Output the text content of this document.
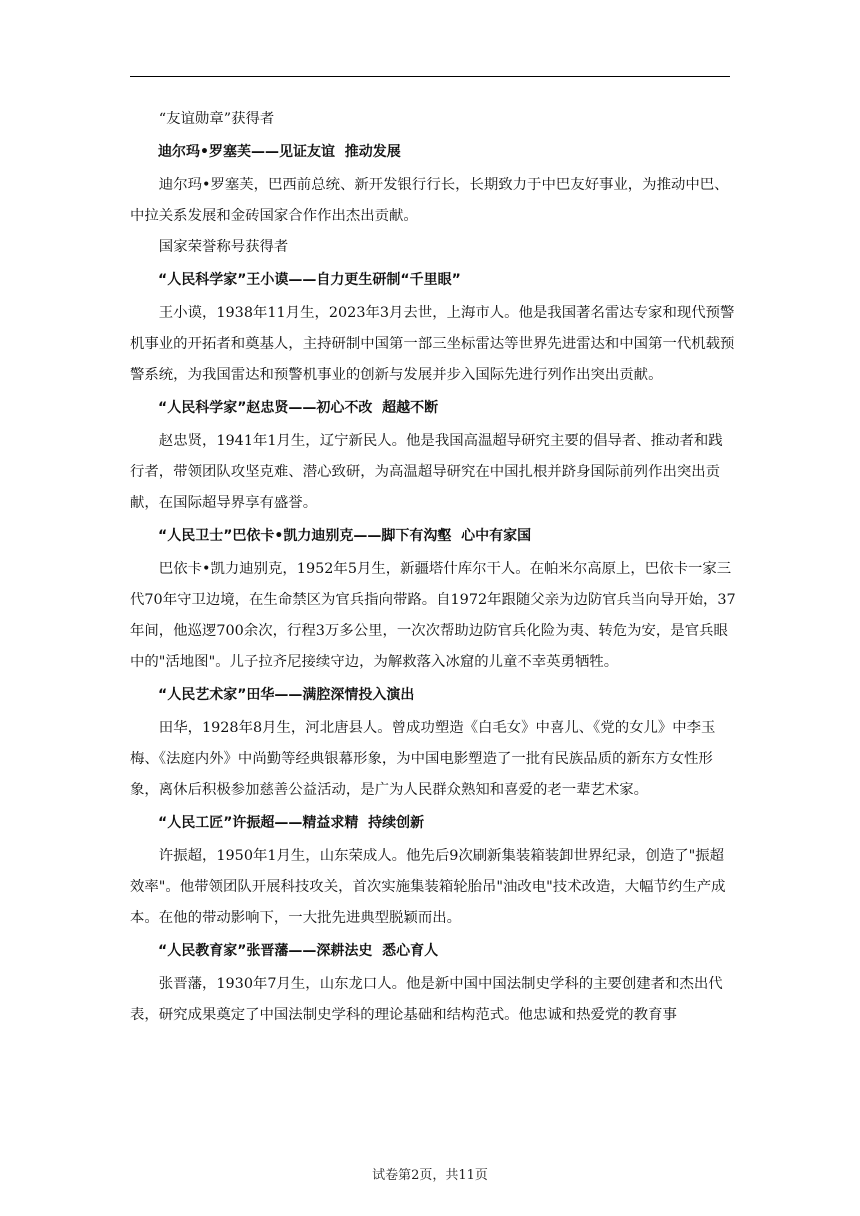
“友谊勋章”获得者

迪尔玛•罗塞芙——见证友谊  推动发展

迪尔玛•罗塞芙，巴西前总统、新开发银行行长，长期致力于中巴友好事业，为推动中巴、中拉关系发展和金砖国家合作作出杰出贡献。

国家荣誉称号获得者

“人民科学家”王小谟——自力更生研制“千里眼”

王小谟，1938年11月生，2023年3月去世，上海市人。他是我国著名雷达专家和现代预警机事业的开拓者和奠基人，主持研制中国第一部三坐标雷达等世界先进雷达和中国第一代机载预警系统，为我国雷达和预警机事业的创新与发展并步入国际先进行列作出突出贡献。

“人民科学家”赵忠贤——初心不改  超越不断

赵忠贤，1941年1月生，辽宁新民人。他是我国高温超导研究主要的倡导者、推动者和践行者，带领团队攻坚克难、潜心致研，为高温超导研究在中国扎根并跻身国际前列作出突出贡献，在国际超导界享有盛誉。

“人民卫士”巴依卡•凯力迪别克——脚下有沟壑  心中有家国

巴依卡•凯力迪别克，1952年5月生，新疆塔什库尔干人。在帕米尔高原上，巴依卡一家三代70年守卫边境，在生命禁区为官兵指向带路。自1972年跟随父亲为边防官兵当向导开始，37年间，他巡逻700余次，行程3万多公里，一次次帮助边防官兵化险为夷、转危为安，是官兵眼中的"活地图"。儿子拉齐尼接续守边，为解救落入冰窟的儿童不幸英勇牺牲。

“人民艺术家”田华——满腔深情投入演出

田华，1928年8月生，河北唐县人。曾成功塑造《白毛女》中喜儿、《党的女儿》中李玉梅、《法庭内外》中尚勤等经典银幕形象，为中国电影塑造了一批有民族品质的新东方女性形象，离休后积极参加慈善公益活动，是广为人民群众熟知和喜爱的老一辈艺术家。

“人民工匠”许振超——精益求精  持续创新

许振超，1950年1月生，山东荣成人。他先后9次刷新集装箱装卸世界纪录，创造了"振超效率"。他带领团队开展科技攻关，首次实施集装箱轮胎吊"油改电"技术改造，大幅节约生产成本。在他的带动影响下，一大批先进典型脱颖而出。

“人民教育家”张晋藩——深耕法史  悉心育人

张晋藩，1930年7月生，山东龙口人。他是新中国中国法制史学科的主要创建者和杰出代表，研究成果奠定了中国法制史学科的理论基础和结构范式。他忠诚和热爱党的教育事

试卷第2页，共11页
